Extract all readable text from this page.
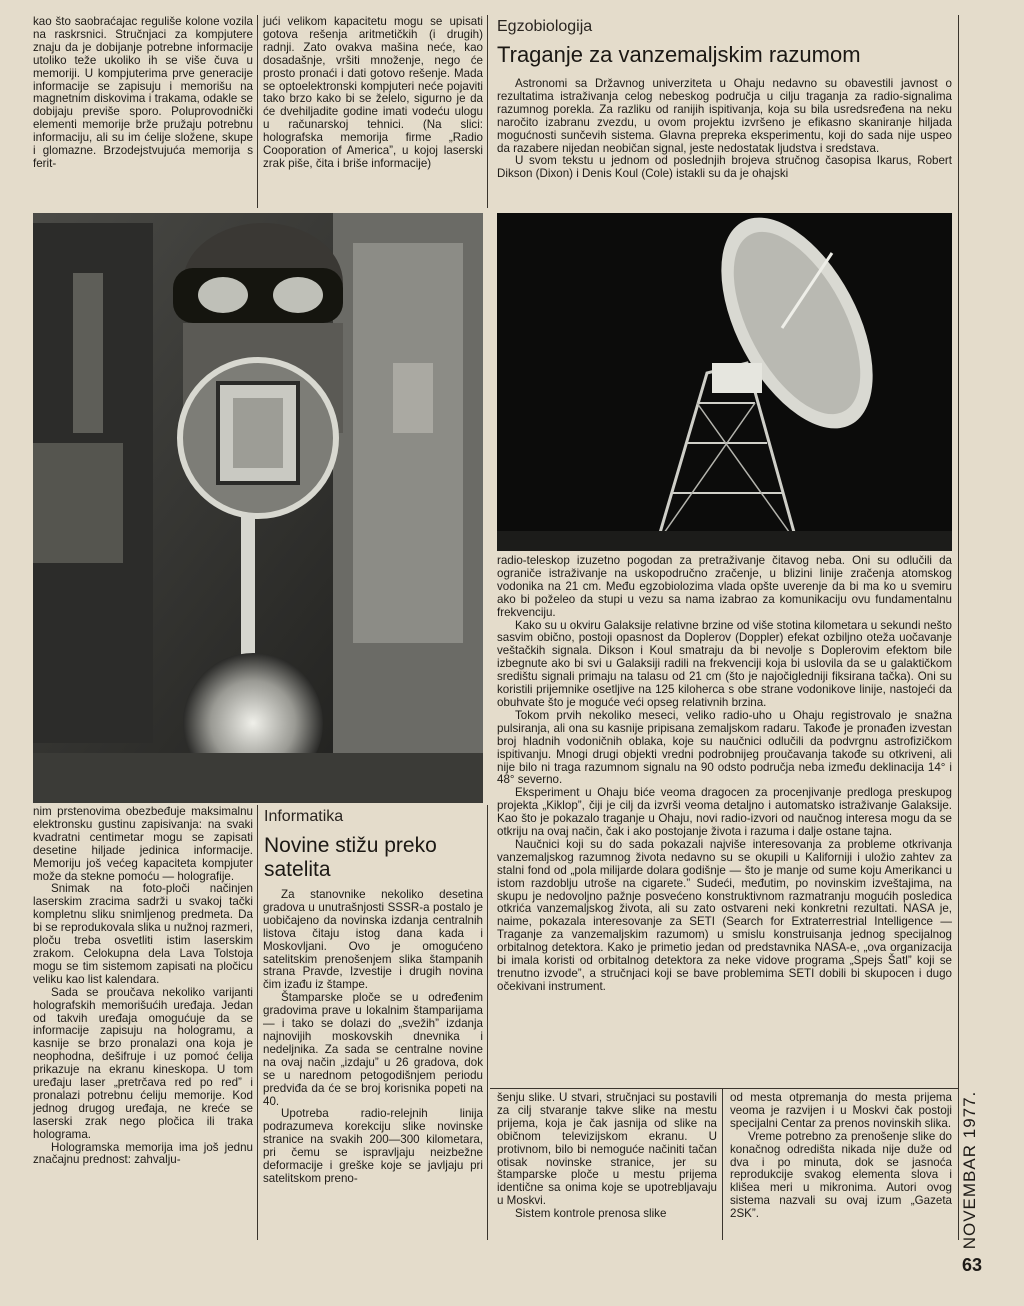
kao što saobraćajac reguliše kolone vozila na raskrsnici. Stručnjaci za kompjutere znaju da je dobijanje potrebne informacije utoliko teže ukoliko ih se više čuva u memoriji. U kompjuterima prve generacije informacije se zapisuju i memorišu na magnetnim diskovima i trakama, odakle se dobijaju previše sporo. Poluprovodnički elementi memorije brže pružaju potrebnu informaciju, ali su im ćelije složene, skupe i glomazne. Brzodejstvujuća memorija s ferit-

jući velikom kapacitetu mogu se upisati gotova rešenja aritmetičkih (i drugih) radnji. Zato ovakva mašina neće, kao dosadašnje, vršiti množenje, nego će prosto pronaći i dati gotovo rešenje. Mada se optoelektronski kompjuteri neće pojaviti tako brzo kako bi se želelo, sigurno je da će dvehiljadite godine imati vodeću ulogu u računarskoj tehnici. (Na slici: holografska memorija firme „Radio Cooporation of America”, u kojoj laserski zrak piše, čita i briše informacije)

Egzobiologija
Traganje za vanzemaljskim razumom

Astronomi sa Državnog univerziteta u Ohaju nedavno su obavestili javnost o rezultatima istraživanja celog nebeskog područja u cilju traganja za radio-signalima razumnog porekla. Za razliku od ranijih ispitivanja, koja su bila usredsređena na neku naročito izabranu zvezdu, u ovom projektu izvršeno je efikasno skaniranje hiljada mogućnosti sunčevih sistema. Glavna prepreka eksperimentu, koji do sada nije uspeo da razabere nijedan neobičan signal, jeste nedostatak ljudstva i sredstava.

U svom tekstu u jednom od poslednjih brojeva stručnog časopisa Ikarus, Robert Dikson (Dixon) i Denis Koul (Cole) istakli su da je ohajski

radio-teleskop izuzetno pogodan za pretraživanje čitavog neba. Oni su odlučili da ograniče istraživanje na uskopodručno zračenje, u blizini linije zračenja atomskog vodonika na 21 cm. Među egzobiolozima vlada opšte uverenje da bi ma ko u svemiru ako bi poželeo da stupi u vezu sa nama izabrao za komunikaciju ovu fundamentalnu frekvenciju.

Kako su u okviru Galaksije relativne brzine od više stotina kilometara u sekundi nešto sasvim obično, postoji opasnost da Doplerov (Doppler) efekat ozbiljno oteža uočavanje veštačkih signala. Dikson i Koul smatraju da bi nevolje s Doplerovim efektom bile izbegnute ako bi svi u Galaksiji radili na frekvenciji koja bi uslovila da se u galaktičkom središtu signali primaju na talasu od 21 cm (što je najočigledniji fiksirana tačka). Oni su koristili prijemnike osetljive na 125 kiloherca s obe strane vodonikove linije, nastojeći da obuhvate što je moguće veći opseg relativnih brzina.

Tokom prvih nekoliko meseci, veliko radio-uho u Ohaju registrovalo je snažna pulsiranja, ali ona su kasnije pripisana zemaljskom radaru. Takođe je pronađen izvestan broj hladnih vodoničnih oblaka, koje su naučnici odlučili da podvrgnu astrofizičkom ispitivanju. Mnogi drugi objekti vredni podrobnijeg proučavanja takođe su otkriveni, ali nije bilo ni traga razumnom signalu na 90 odsto područja neba između deklinacija 14° i 48° severno.

Eksperiment u Ohaju biće veoma dragocen za procenjivanje predloga preskupog projekta „Kiklop”, čiji je cilj da izvrši veoma detaljno i automatsko istraživanje Galaksije. Kao što je pokazalo traganje u Ohaju, novi radio-izvori od naučnog interesa mogu da se otkriju na ovaj način, čak i ako postojanje života i razuma i dalje ostane tajna.

Naučnici koji su do sada pokazali najviše interesovanja za probleme otkrivanja vanzemaljskog razumnog života nedavno su se okupili u Kaliforniji i uložio zahtev za stalni fond od „pola milijarde dolara godišnje — što je manje od sume koju Amerikanci u istom razdoblju utroše na cigarete.” Sudeći, međutim, po novinskim izveštajima, na skupu je nedovoljno pažnje posvećeno konstruktivnom razmatranju mogućih posledica otkrića vanzemaljskog života, ali su zato ostvareni neki konkretni rezultati. NASA je, naime, pokazala interesovanje za SETI (Search for Extraterrestrial Intelligence — Traganje za vanzemaljskim razumom) u smislu konstruisanja jednog specijalnog orbitalnog detektora. Kako je primetio jedan od predstavnika NASA-e, „ova organizacija bi imala koristi od orbitalnog detektora za neke vidove programa „Spejs Šatl” koji se trenutno izvode”, a stručnjaci koji se bave problemima SETI dobili bi skupocen i dugo očekivani instrument.

nim prstenovima obezbeđuje maksimalnu elektronsku gustinu zapisivanja: na svaki kvadratni centimetar mogu se zapisati desetine hiljade jedinica informacije. Memoriju još većeg kapaciteta kompjuter može da stekne pomoću — holografije.

Snimak na foto-ploči načinjen laserskim zracima sadrži u svakoj tački kompletnu sliku snimljenog predmeta. Da bi se reprodukovala slika u nužnoj razmeri, ploču treba osvetliti istim laserskim zrakom. Celokupna dela Lava Tolstoja mogu se tim sistemom zapisati na pločicu veliku kao list kalendara.

Sada se proučava nekoliko varijanti holografskih memorišućih uređaja. Jedan od takvih uređaja omogućuje da se informacije zapisuju na hologramu, a kasnije se brzo pronalazi ona koja je neophodna, dešifruje i uz pomoć ćelija prikazuje na ekranu kineskopa. U tom uređaju laser „pretrčava red po red” i pronalazi potrebnu ćeliju memorije. Kod jednog drugog uređaja, ne kreće se laserski zrak nego pločica ili traka holograma.

Hologramska memorija ima još jednu značajnu prednost: zahvalju-

Informatika
Novine stižu preko satelita

Za stanovnike nekoliko desetina gradova u unutrašnjosti SSSR-a postalo je uobičajeno da novinska izdanja centralnih listova čitaju istog dana kada i Moskovljani. Ovo je omogućeno satelitskim prenošenjem slika štampanih strana Pravde, Izvestije i drugih novina čim izađu iz štampe.

Štamparske ploče se u određenim gradovima prave u lokalnim štamparijama — i tako se dolazi do „svežih” izdanja najnovijih moskovskih dnevnika i nedeljnika. Za sada se centralne novine na ovaj način „izdaju” u 26 gradova, dok se u narednom petogodišnjem periodu predviđa da će se broj korisnika popeti na 40.

Upotreba radio-relejnih linija podrazumeva korekciju slike novinske stranice na svakih 200—300 kilometara, pri čemu se ispravljaju neizbežne deformacije i greške koje se javljaju pri satelitskom preno-

šenju slike. U stvari, stručnjaci su postavili za cilj stvaranje takve slike na mestu prijema, koja je čak jasnija od slike na običnom televizijskom ekranu. U protivnom, bilo bi nemoguće načiniti tačan otisak novinske stranice, jer su štamparske ploče u mestu prijema identične sa onima koje se upotrebljavaju u Moskvi.

Sistem kontrole prenosa slike

od mesta otpremanja do mesta prijema veoma je razvijen i u Moskvi čak postoji specijalni Centar za prenos novinskih slika.

Vreme potrebno za prenošenje slike do konačnog odredišta nikada nije duže od dva i po minuta, dok se jasnoća reprodukcije svakog elementa slova i klišea meri u mikronima. Autori ovog sistema nazvali su ovaj izum „Gazeta 2SK”.	NOVEMBAR 1977.
63
